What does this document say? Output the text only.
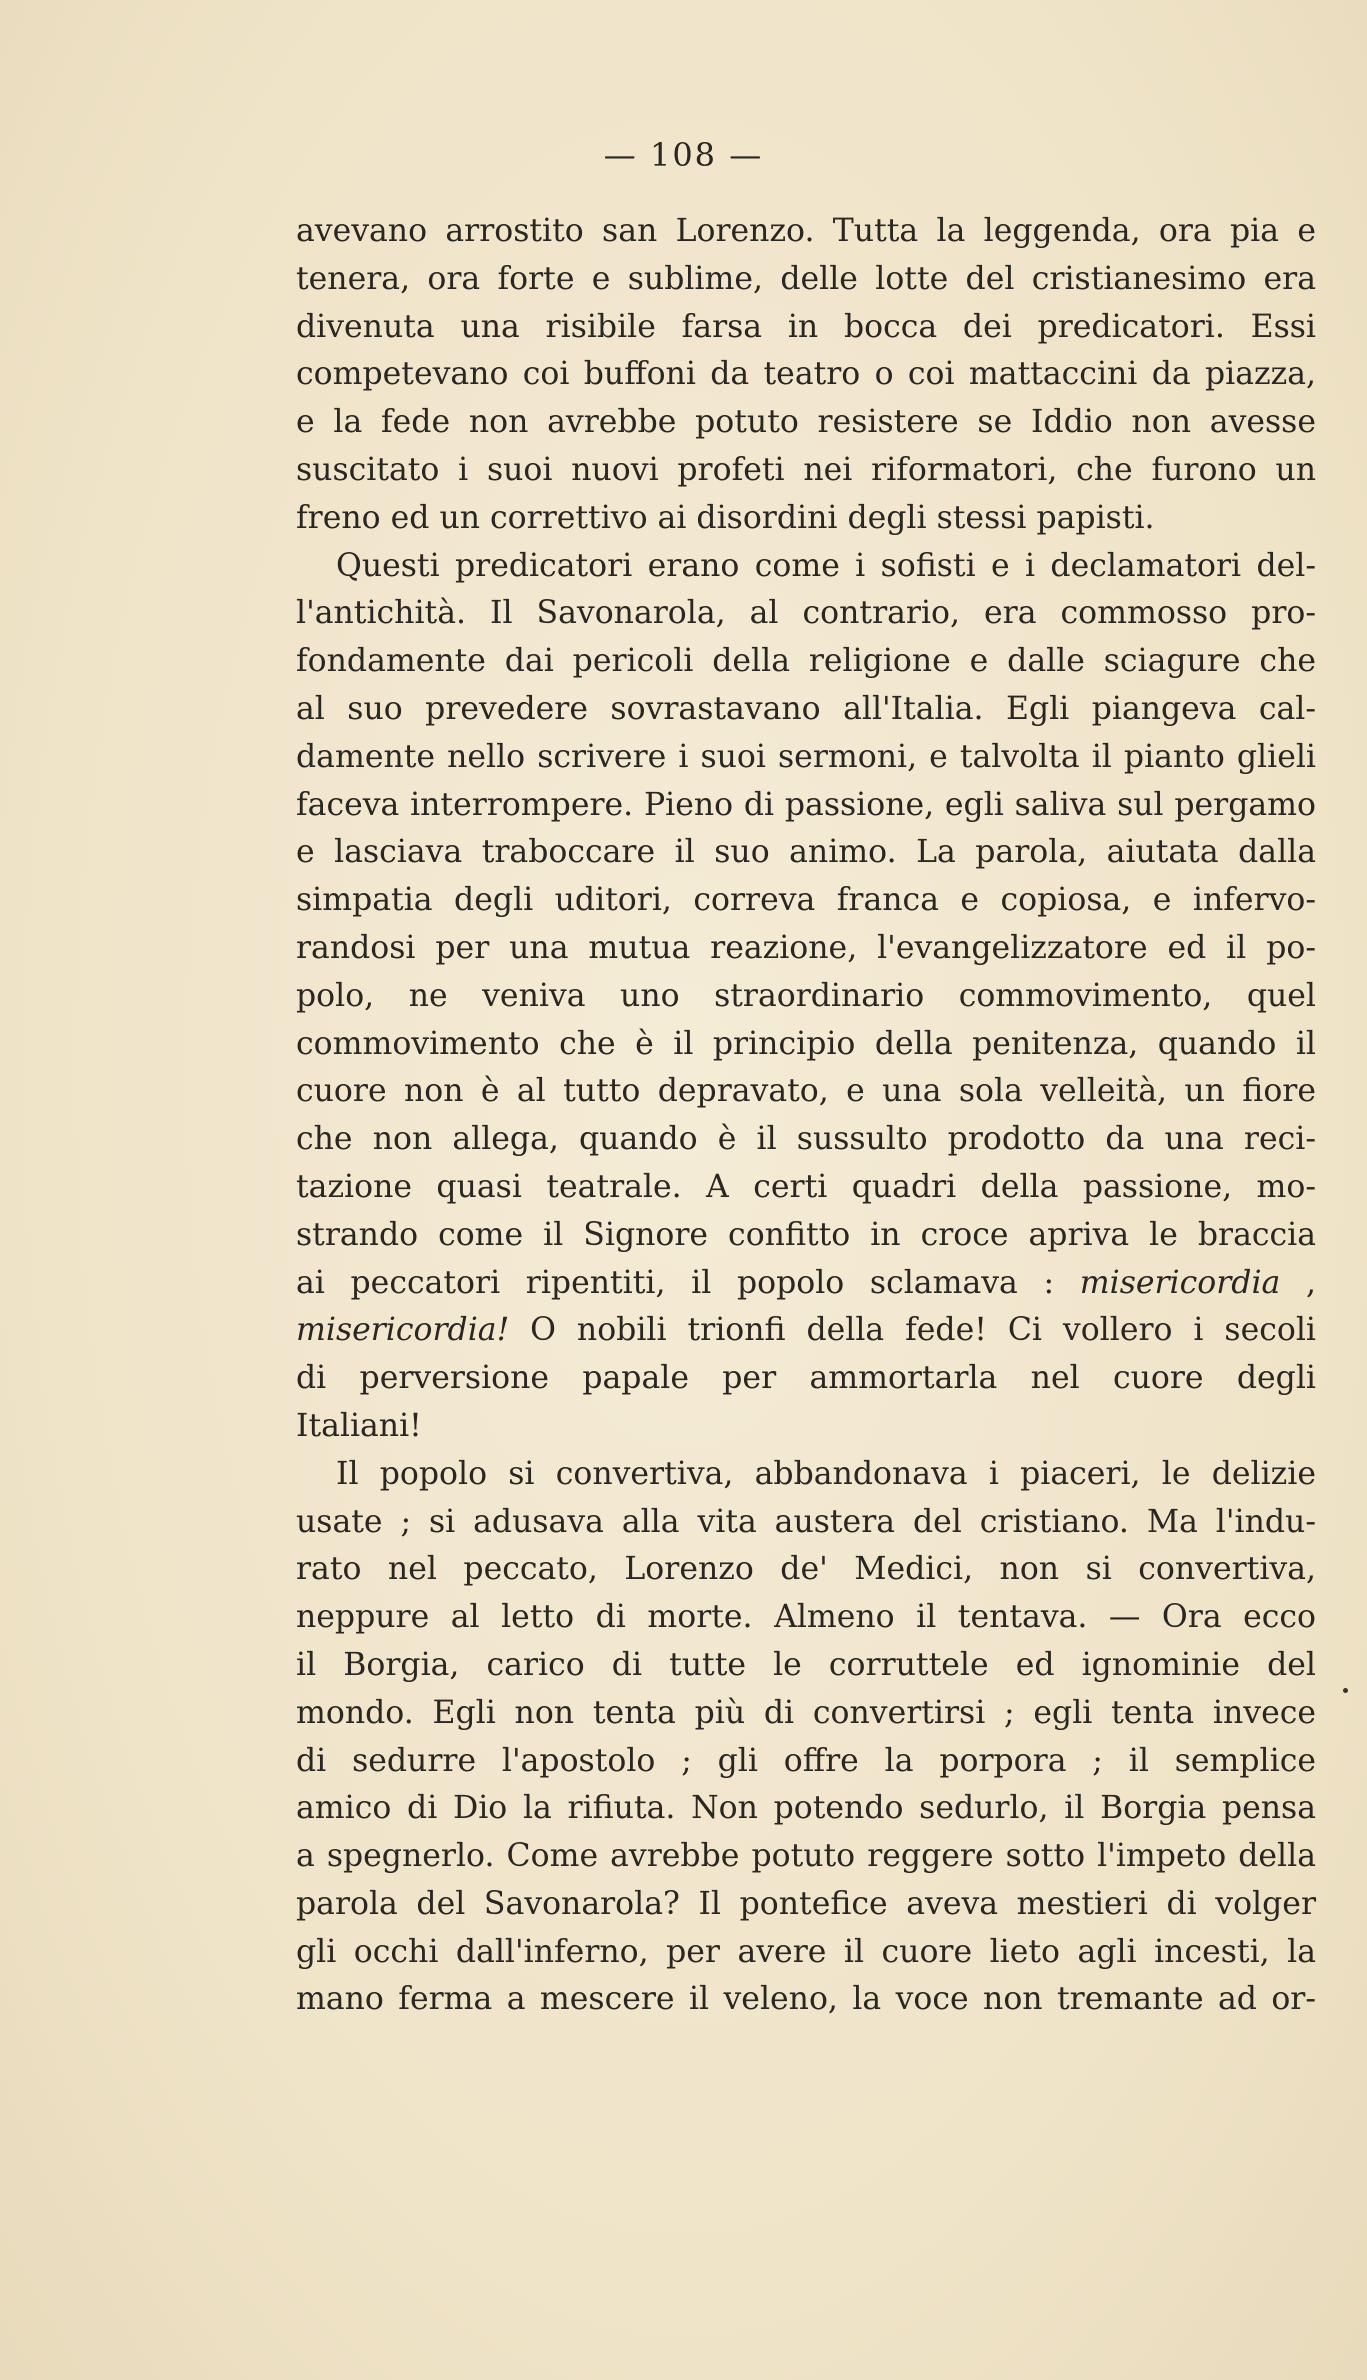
— 108 —
avevano arrostito san Lorenzo. Tutta la leggenda, ora pia e
tenera, ora forte e sublime, delle lotte del cristianesimo era
divenuta una risibile farsa in bocca dei predicatori. Essi
competevano coi buffoni da teatro o coi mattaccini da piazza,
e la fede non avrebbe potuto resistere se Iddio non avesse
suscitato i suoi nuovi profeti nei riformatori, che furono un
freno ed un correttivo ai disordini degli stessi papisti.
Questi predicatori erano come i sofisti e i declamatori del-
l'antichità. Il Savonarola, al contrario, era commosso pro-
fondamente dai pericoli della religione e dalle sciagure che
al suo prevedere sovrastavano all'Italia. Egli piangeva cal-
damente nello scrivere i suoi sermoni, e talvolta il pianto glieli
faceva interrompere. Pieno di passione, egli saliva sul pergamo
e lasciava traboccare il suo animo. La parola, aiutata dalla
simpatia degli uditori, correva franca e copiosa, e infervo-
randosi per una mutua reazione, l'evangelizzatore ed il po-
polo, ne veniva uno straordinario commovimento, quel
commovimento che è il principio della penitenza, quando il
cuore non è al tutto depravato, e una sola velleità, un fiore
che non allega, quando è il sussulto prodotto da una reci-
tazione quasi teatrale. A certi quadri della passione, mo-
strando come il Signore confitto in croce apriva le braccia
ai peccatori ripentiti, il popolo sclamava : misericordia ,
misericordia! O nobili trionfi della fede! Ci vollero i secoli
di perversione papale per ammortarla nel cuore degli
Italiani!
Il popolo si convertiva, abbandonava i piaceri, le delizie
usate ; si adusava alla vita austera del cristiano. Ma l'indu-
rato nel peccato, Lorenzo de' Medici, non si convertiva,
neppure al letto di morte. Almeno il tentava. — Ora ecco
il Borgia, carico di tutte le corruttele ed ignominie del
mondo. Egli non tenta più di convertirsi ; egli tenta invece
di sedurre l'apostolo ; gli offre la porpora ; il semplice
amico di Dio la rifiuta. Non potendo sedurlo, il Borgia pensa
a spegnerlo. Come avrebbe potuto reggere sotto l'impeto della
parola del Savonarola? Il pontefice aveva mestieri di volger
gli occhi dall'inferno, per avere il cuore lieto agli incesti, la
mano ferma a mescere il veleno, la voce non tremante ad or-
